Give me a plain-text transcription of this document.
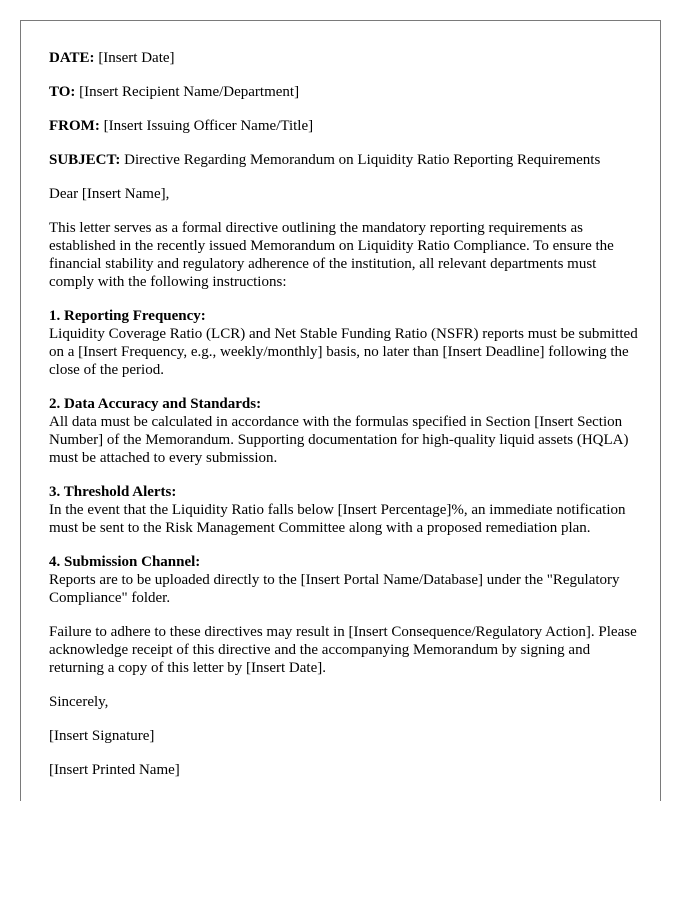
DATE: [Insert Date]

TO: [Insert Recipient Name/Department]

FROM: [Insert Issuing Officer Name/Title]

SUBJECT: Directive Regarding Memorandum on Liquidity Ratio Reporting Requirements

Dear [Insert Name],

This letter serves as a formal directive outlining the mandatory reporting requirements as established in the recently issued Memorandum on Liquidity Ratio Compliance. To ensure the financial stability and regulatory adherence of the institution, all relevant departments must comply with the following instructions:

1. Reporting Frequency:
Liquidity Coverage Ratio (LCR) and Net Stable Funding Ratio (NSFR) reports must be submitted on a [Insert Frequency, e.g., weekly/monthly] basis, no later than [Insert Deadline] following the close of the period.

2. Data Accuracy and Standards:
All data must be calculated in accordance with the formulas specified in Section [Insert Section Number] of the Memorandum. Supporting documentation for high-quality liquid assets (HQLA) must be attached to every submission.

3. Threshold Alerts:
In the event that the Liquidity Ratio falls below [Insert Percentage]%, an immediate notification must be sent to the Risk Management Committee along with a proposed remediation plan.

4. Submission Channel:
Reports are to be uploaded directly to the [Insert Portal Name/Database] under the "Regulatory Compliance" folder.

Failure to adhere to these directives may result in [Insert Consequence/Regulatory Action]. Please acknowledge receipt of this directive and the accompanying Memorandum by signing and returning a copy of this letter by [Insert Date].

Sincerely,

[Insert Signature]

[Insert Printed Name]
